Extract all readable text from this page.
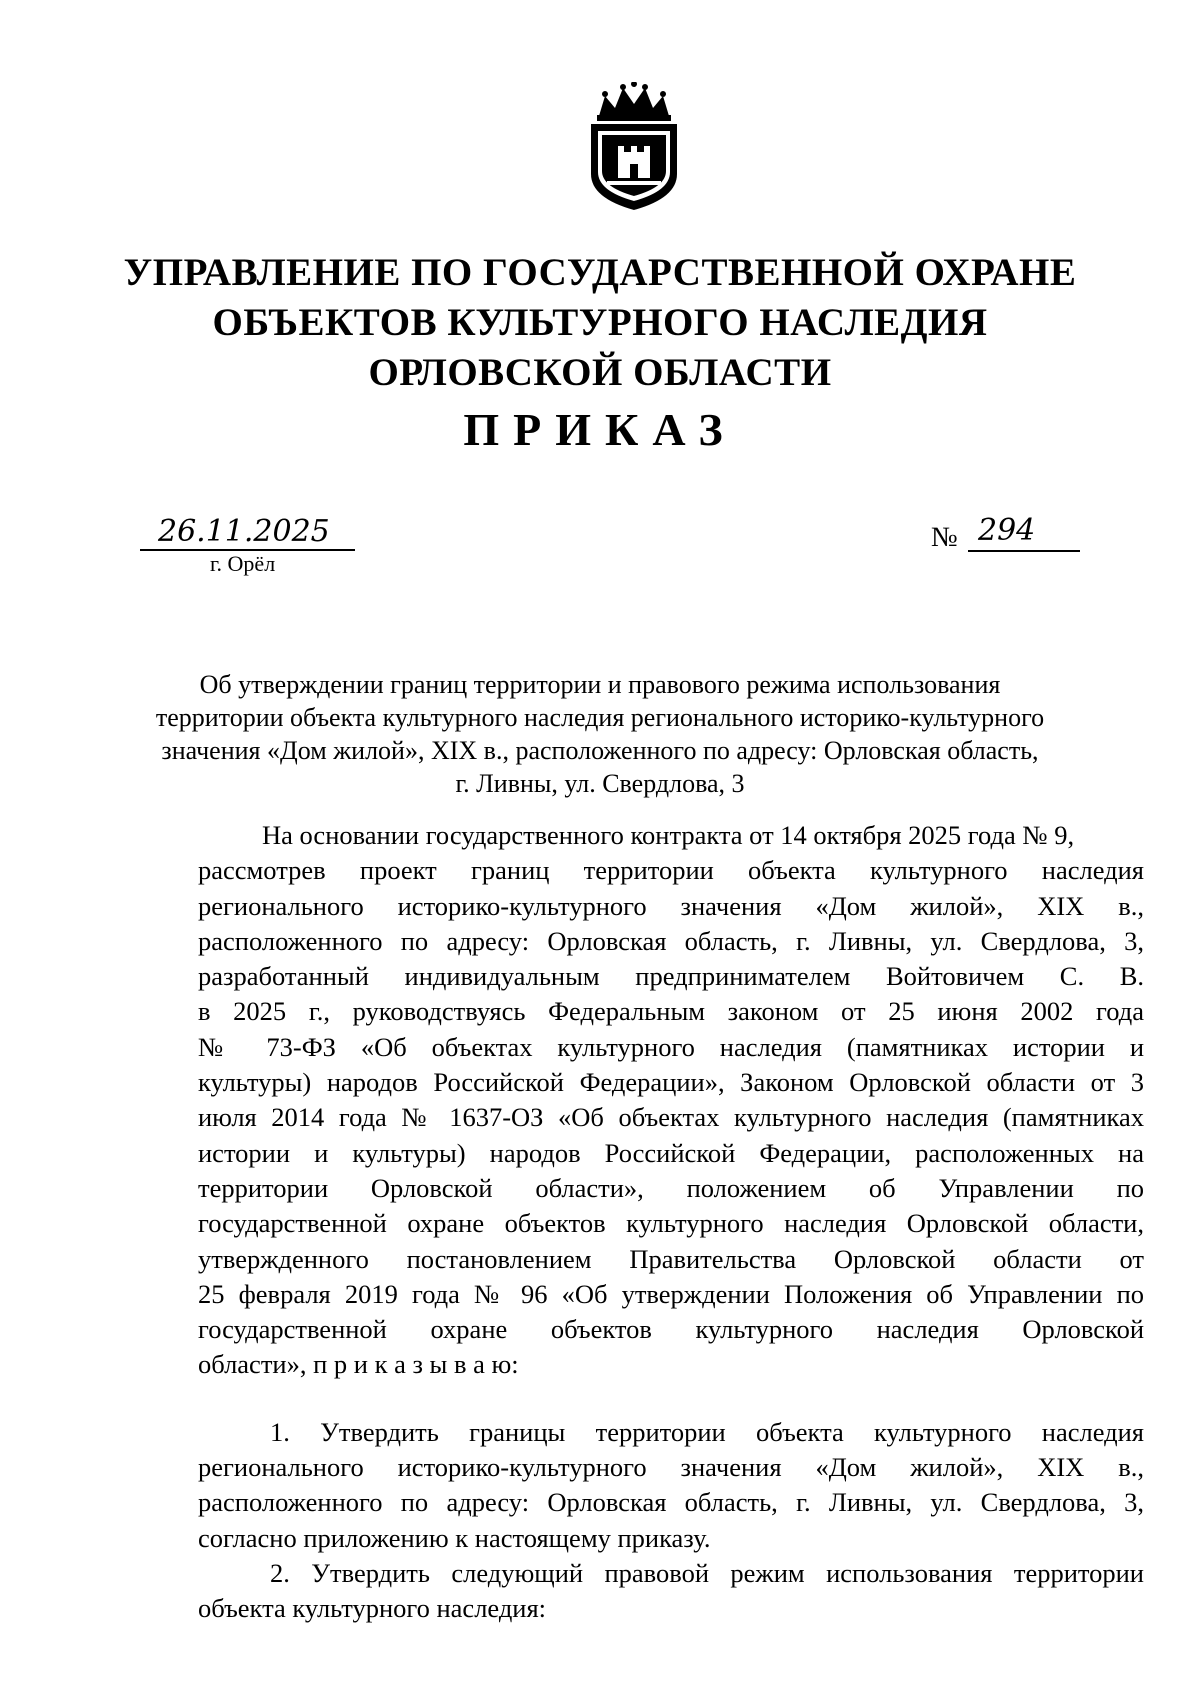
УПРАВЛЕНИЕ ПО ГОСУДАРСТВЕННОЙ ОХРАНЕ
ОБЪЕКТОВ КУЛЬТУРНОГО НАСЛЕДИЯ
ОРЛОВСКОЙ ОБЛАСТИ
ПРИКАЗ
26.11.2025
г. Орёл
№ 294
Об утверждении границ территории и правового режима использования
территории объекта культурного наследия регионального историко-культурного
значения «Дом жилой», XIX в., расположенного по адресу: Орловская область,
г. Ливны, ул. Свердлова, 3
На основании государственного контракта от 14 октября 2025 года № 9,
рассмотрев проект границ территории объекта культурного наследия
регионального историко-культурного значения «Дом жилой», XIX в.,
расположенного по адресу: Орловская область, г. Ливны, ул. Свердлова, 3,
разработанный индивидуальным предпринимателем Войтовичем С. В.
в 2025 г., руководствуясь Федеральным законом от 25 июня 2002 года
№ 73-ФЗ «Об объектах культурного наследия (памятниках истории и
культуры) народов Российской Федерации», Законом Орловской области от 3
июля 2014 года № 1637-ОЗ «Об объектах культурного наследия (памятниках
истории и культуры) народов Российской Федерации, расположенных на
территории Орловской области», положением об Управлении по
государственной охране объектов культурного наследия Орловской области,
утвержденного постановлением Правительства Орловской области от
25 февраля 2019 года № 96 «Об утверждении Положения об Управлении по
государственной охране объектов культурного наследия Орловской
области», п р и к а з ы в а ю:
1. Утвердить границы территории объекта культурного наследия
регионального историко-культурного значения «Дом жилой», XIX в.,
расположенного по адресу: Орловская область, г. Ливны, ул. Свердлова, 3,
согласно приложению к настоящему приказу.
2. Утвердить следующий правовой режим использования территории
объекта культурного наследия:
